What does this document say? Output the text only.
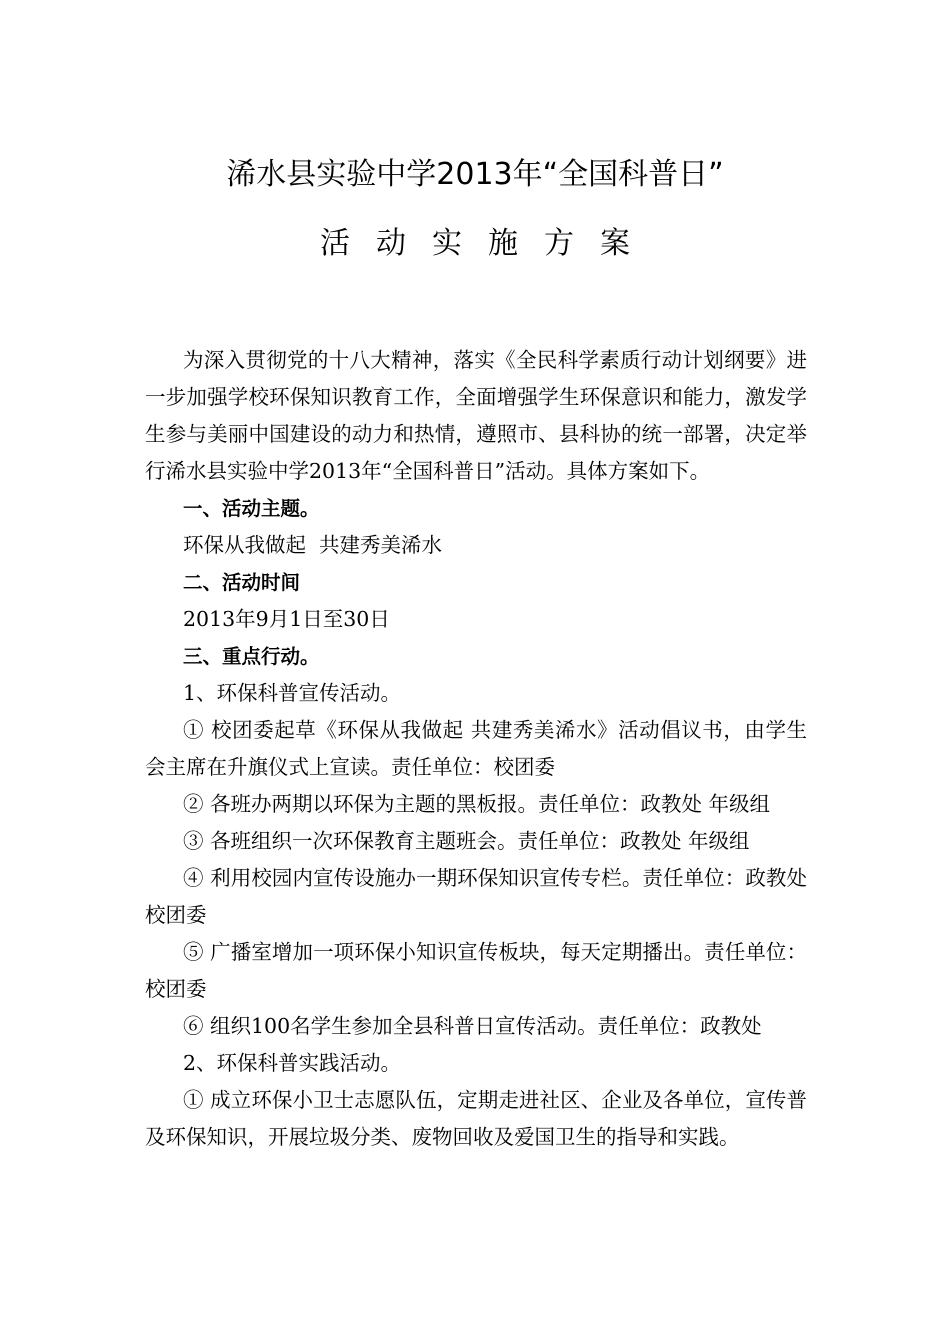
浠水县实验中学2013年“全国科普日”
活动实施方案

为深入贯彻党的十八大精神，落实《全民科学素质行动计划纲要》进一步加强学校环保知识教育工作，全面增强学生环保意识和能力，激发学生参与美丽中国建设的动力和热情，遵照市、县科协的统一部署，决定举行浠水县实验中学2013年“全国科普日”活动。具体方案如下。

一、活动主题。

环保从我做起  共建秀美浠水

二、活动时间

2013年9月1日至30日

三、重点行动。

1、环保科普宣传活动。

① 校团委起草《环保从我做起 共建秀美浠水》活动倡议书，由学生会主席在升旗仪式上宣读。责任单位：校团委

② 各班办两期以环保为主题的黑板报。责任单位：政教处 年级组

③ 各班组织一次环保教育主题班会。责任单位：政教处 年级组

④ 利用校园内宣传设施办一期环保知识宣传专栏。责任单位：政教处 校团委

⑤ 广播室增加一项环保小知识宣传板块，每天定期播出。责任单位：校团委

⑥ 组织100名学生参加全县科普日宣传活动。责任单位：政教处

2、环保科普实践活动。

① 成立环保小卫士志愿队伍，定期走进社区、企业及各单位，宣传普及环保知识，开展垃圾分类、废物回收及爱国卫生的指导和实践。
